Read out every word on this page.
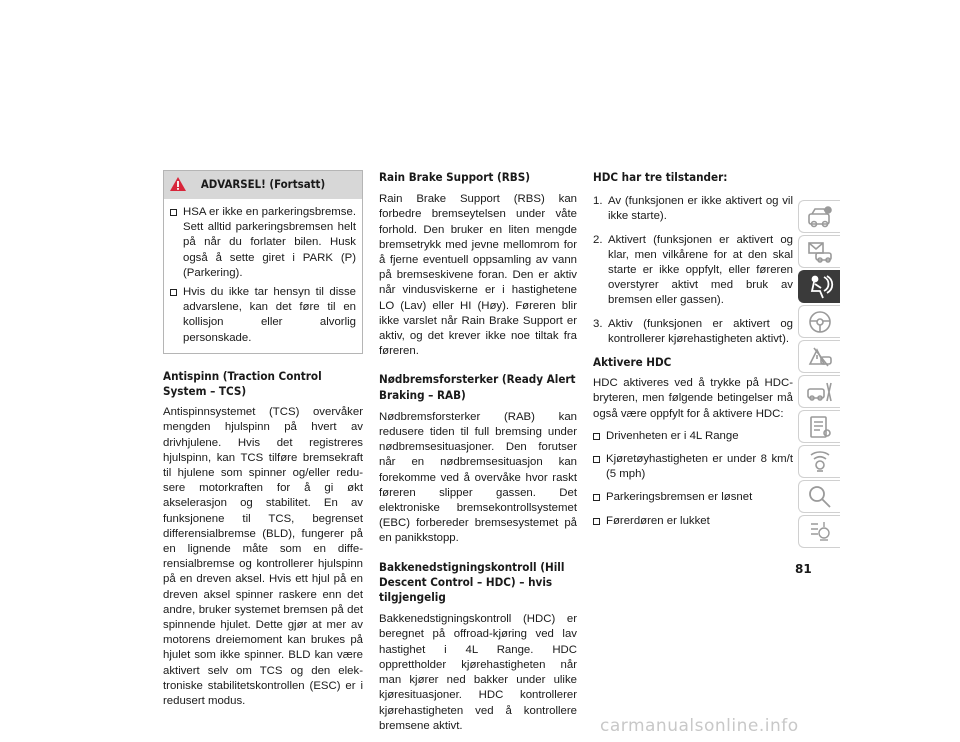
ADVARSEL! (Fortsatt)
HSA er ikke en parkeringsbremse. Sett alltid parkeringsbremsen helt på når du forlater bilen. Husk også å sette giret i PARK (P) (Parkering).
Hvis du ikke tar hensyn til disse advarslene, kan det føre til en kollisjon eller alvorlig personskade.
Antispinn (Traction Control System – TCS)

Antispinnsystemet (TCS) overvåker mengden hjulspinn på hvert av drivhjulene. Hvis det registreres hjulspinn, kan TCS tilføre bremsekraft til hjulene som spinner og/eller redusere motorkraften for å gi økt akselerasjon og stabilitet. En av funksjonene til TCS, begrenset differensialbremse (BLD), fungerer på en lignende måte som en differensialbremse og kontrollerer hjulspinn på en dreven aksel. Hvis ett hjul på en dreven aksel spinner raskere enn det andre, bruker systemet bremsen på det spinnende hjulet. Dette gjør at mer av motorens dreiemoment kan brukes på hjulet som ikke spinner. BLD kan være aktivert selv om TCS og den elektroniske stabilitetskontrollen (ESC) er i redusert modus.

Rain Brake Support (RBS)

Rain Brake Support (RBS) kan forbedre bremseytelsen under våte forhold. Den bruker en liten mengde bremsetrykk med jevne mellomrom for å fjerne eventuell oppsamling av vann på bremseskivene foran. Den er aktiv når vindusviskerne er i hastighetene LO (Lav) eller HI (Høy). Føreren blir ikke varslet når Rain Brake Support er aktiv, og det krever ikke noe tiltak fra føreren.

Nødbremsforsterker (Ready Alert Braking – RAB)

Nødbremsforsterker (RAB) kan redusere tiden til full bremsing under nødbremsesituasjoner. Den forutser når en nødbremsesituasjon kan forekomme ved å overvåke hvor raskt føreren slipper gassen. Det elektroniske bremsekontrollsystemet (EBC) forbereder bremsesystemet på en panikkstopp.

Bakkenedstigningskontroll (Hill Descent Control – HDC) – hvis tilgjengelig

Bakkenedstigningskontroll (HDC) er beregnet på offroad-kjøring ved lav hastighet i 4L Range. HDC opprettholder kjørehastigheten når man kjører ned bakker under ulike kjøresituasjoner. HDC kontrollerer kjørehastigheten ved å kontrollere bremsene aktivt.

HDC har tre tilstander:
1. Av (funksjonen er ikke aktivert og vil ikke starte).
2. Aktivert (funksjonen er aktivert og klar, men vilkårene for at den skal starte er ikke oppfylt, eller føreren overstyrer aktivt med bruk av bremsen eller gassen).
3. Aktiv (funksjonen er aktivert og kontrollerer kjørehastigheten aktivt).
Aktivere HDC

HDC aktiveres ved å trykke på HDC-bryteren, men følgende betingelser må også være oppfylt for å aktivere HDC:

Drivenheten er i 4L Range
Kjøretøyhastigheten er under 8 km/t (5 mph)
Parkeringsbremsen er løsnet
Førerdøren er lukket
81
carmanualsonline.info
